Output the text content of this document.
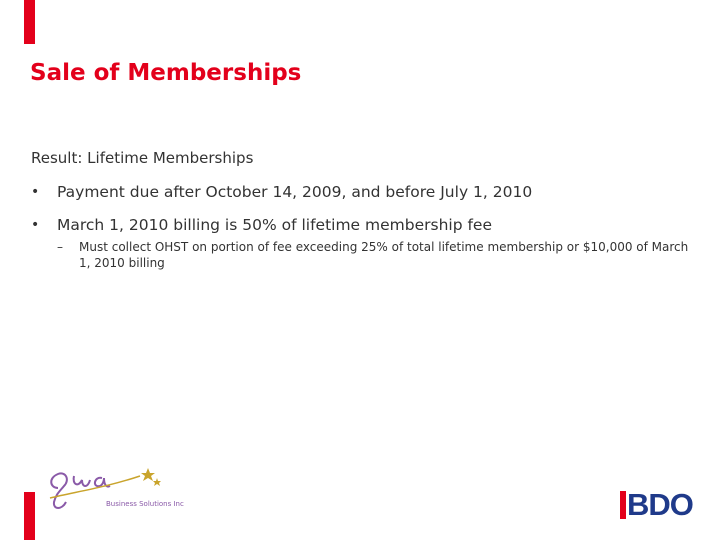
Sale of Memberships
Result: Lifetime Memberships
• Payment due after October 14, 2009, and before July 1, 2010
• March 1, 2010 billing is 50% of lifetime membership fee
– Must collect OHST on portion of fee exceeding 25% of total lifetime membership or $10,000 of March 1, 2010 billing
Business Solutions Inc	BDO
